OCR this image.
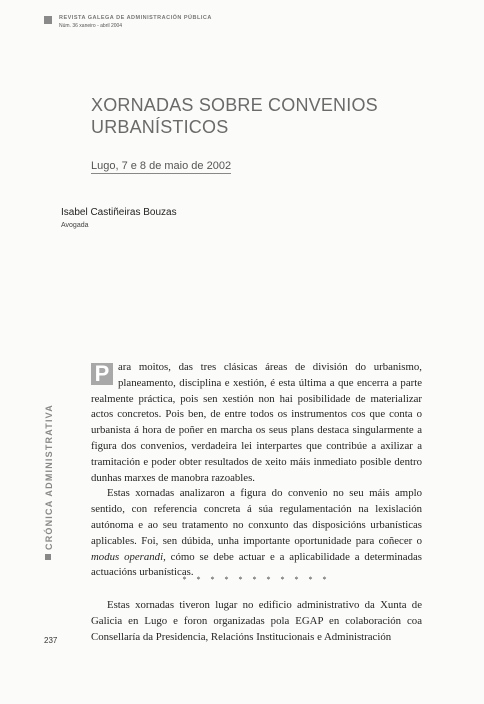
REVISTA GALEGA DE ADMINISTRACIÓN PÚBLICA
Núm. 36 xaneiro - abril 2004
XORNADAS SOBRE CONVENIOS URBANÍSTICOS
Lugo, 7 e 8 de maio de 2002
Isabel Castiñeiras Bouzas
Avogada
CRÓNICA ADMINISTRATIVA
237

P ara moitos, das tres clásicas áreas de división do urbanismo, planeamento, disciplina e xestión, é esta última a que encerra a parte realmente práctica, pois sen xestión non hai posibilidade de materializar actos concretos. Pois ben, de entre todos os instrumentos cos que conta o urbanista á hora de poñer en marcha os seus plans destaca singularmente a figura dos convenios, verdadeira lei interpartes que contribúe a axilizar a tramitación e poder obter resultados de xeito máis inmediato posible dentro dunhas marxes de manobra razoables.

Estas xornadas analizaron a figura do convenio no seu máis amplo sentido, con referencia concreta á súa regulamentación na lexislación autónoma e ao seu tratamento no conxunto das disposicións urbanísticas aplicables. Foi, sen dúbida, unha importante oportunidade para coñecer o modus operandi, cómo se debe actuar e a aplicabilidade a determinadas actuacións urbanísticas.

* * * * * * * * * * *

Estas xornadas tiveron lugar no edificio administrativo da Xunta de Galicia en Lugo e foron organizadas pola EGAP en colaboración coa Consellaría da Presidencia, Relacións Institucionais e Administración
